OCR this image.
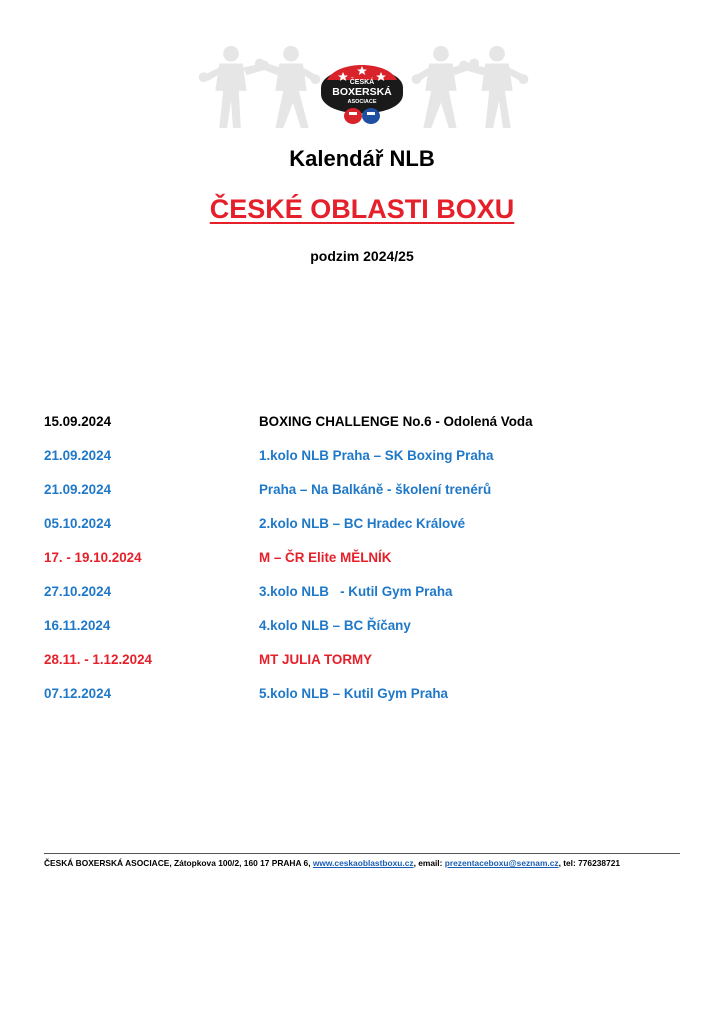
ČESKÁ
BOXERSKÁ
ASOCIACE
Kalendář NLB
ČESKÉ OBLASTI BOXU
podzim 2024/25
15.09.2024	BOXING CHALLENGE No.6 - Odolená Voda
21.09.2024	1.kolo NLB Praha – SK Boxing Praha
21.09.2024	Praha – Na Balkáně - školení trenérů
05.10.2024	2.kolo NLB – BC Hradec Králové
17. - 19.10.2024	M – ČR Elite MĚLNÍK
27.10.2024	3.kolo NLB   - Kutil Gym Praha
16.11.2024	4.kolo NLB – BC Říčany
28.11. - 1.12.2024	MT JULIA TORMY
07.12.2024	5.kolo NLB – Kutil Gym Praha
ČESKÁ BOXERSKÁ ASOCIACE, Zátopkova 100/2, 160 17 PRAHA 6, www.ceskaoblastboxu.cz, email: prezentaceboxu@seznam.cz, tel: 776238721
